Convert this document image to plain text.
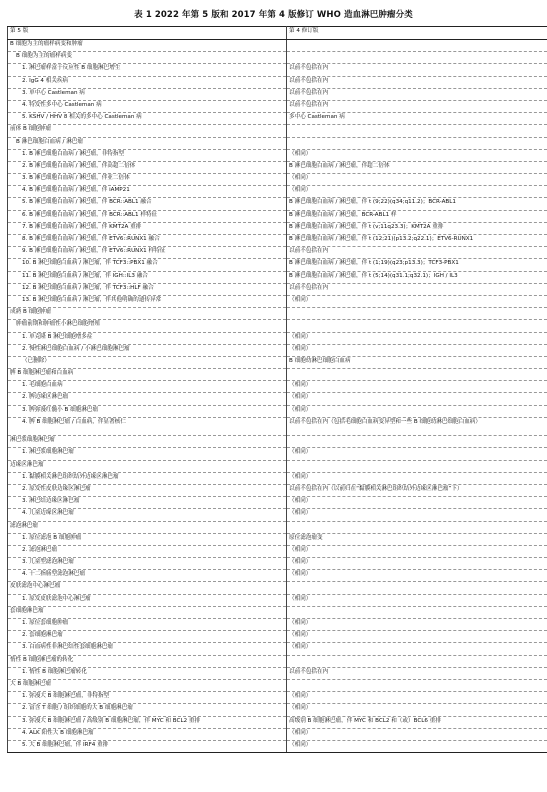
表 1 2022 年第 5 版和 2017 年第 4 版修订 WHO 造血淋巴肿瘤分类
第 5 版	第 4 修订版
B 细胞为主的瘤样病变和肿瘤	
B 细胞为主的瘤样病变	
1. 淋巴瘤样富于反应性 B 细胞淋巴增生	以前不包括在内
2. IgG 4 相关疾病	以前不包括在内
3. 单中心 Castleman 病	以前不包括在内
4. 特发性多中心 Castleman 病	以前不包括在内
5. KSHV / HHV 8 相关的多中心 Castleman 病	多中心 Castleman 病
前体 B 细胞肿瘤	
B 淋巴细胞白血病 / 淋巴瘤	
1. B 淋巴细胞白血病 / 淋巴瘤，非特指型	（相同）
2. B 淋巴细胞白血病 / 淋巴瘤，伴高超二倍体	B 淋巴细胞白血病 / 淋巴瘤，伴超二倍体
3. B 淋巴细胞白血病 / 淋巴瘤，伴亚二倍体	（相同）
4. B 淋巴细胞白血病 / 淋巴瘤，伴 iAMP21	（相同）
5. B 淋巴细胞白血病 / 淋巴瘤，伴 BCR::ABL1 融合	B 淋巴细胞白血病 / 淋巴瘤，伴 t (9;22)(q34;q11.2)；BCR-ABL1
6. B 淋巴细胞白血病 / 淋巴瘤，伴 BCR::ABL1 样特征	B 淋巴细胞白血病 / 淋巴瘤，BCR-ABL1 样
7. B 淋巴细胞白血病 / 淋巴瘤，伴 KMT2A 重排	B 淋巴细胞白血病 / 淋巴瘤，伴 t (v;11q23.3)；KMT2A 重排
8. B 淋巴细胞白血病 / 淋巴瘤，伴 ETV6::RUNX1 融合	B 淋巴细胞白血病 / 淋巴瘤，伴 t (12;21)(p13.2;q22.1)；ETV6-RUNX1
9. B 淋巴细胞白血病 / 淋巴瘤，伴 ETV6::RUNX1 样特征	以前不包括在内
10. B 淋巴细胞白血病 / 淋巴瘤，伴 TCF3::PBX1 融合	B 淋巴细胞白血病 / 淋巴瘤，伴 t (1;19)(q23;p13.3)；TCF3-PBX1
11. B 淋巴细胞白血病 / 淋巴瘤，伴 IGH::IL3 融合	B 淋巴细胞白血病 / 淋巴瘤，伴 t (5;14)(q31.1;q32.1)；IGH / IL3
12. B 淋巴细胞白血病 / 淋巴瘤，伴 TCF3::HLF 融合	以前不包括在内
13. B 淋巴细胞白血病 / 淋巴瘤，伴其他明确的遗传异常	（相同）
成熟 B 细胞肿瘤	
肿瘤前期和肿瘤性小淋巴细胞增殖	
1. 单克隆 B 淋巴细胞增多症	（相同）
2. 慢性淋巴细胞白血病 / 小淋巴细胞淋巴瘤	（相同）
（已删除）	B 细胞幼淋巴细胞白血病
脾 B 细胞淋巴瘤和白血病	
1. 毛细胞白血病	（相同）
2. 脾边缘区淋巴瘤	（相同）
3. 脾弥漫红髓小 B 细胞淋巴瘤	（相同）
4. 脾 B 细胞淋巴瘤 / 白血病，伴显著核仁	以前不包括在内（包括毛细胞白血病变异型和一些 B 细胞幼淋巴细胞白血病）
淋巴浆细胞淋巴瘤	
1. 淋巴浆细胞淋巴瘤	（相同）
边缘区淋巴瘤	
1. 黏膜相关淋巴组织结外边缘区淋巴瘤	（相同）
2. 原发性皮肤边缘区淋巴瘤	以前不包括在内（以前归在“黏膜相关淋巴组织结外边缘区淋巴瘤”下）
3. 淋巴结边缘区淋巴瘤	（相同）
4. 儿童边缘区淋巴瘤	（相同）
滤泡淋巴瘤	
1. 原位滤泡 B 细胞肿瘤	原位滤泡瘤变
2. 滤泡淋巴瘤	（相同）
3. 儿童型滤泡淋巴瘤	（相同）
4. 十二指肠型滤泡淋巴瘤	（相同）
皮肤滤泡中心淋巴瘤	
1. 原发皮肤滤泡中心淋巴瘤	（相同）
套细胞淋巴瘤	
1. 原位套细胞肿瘤	（相同）
2. 套细胞淋巴瘤	（相同）
3. 白血病性非淋巴结性套细胞淋巴瘤	（相同）
惰性 B 细胞淋巴瘤的转化	
1. 惰性 B 细胞淋巴瘤转化	以前不包括在内
大 B 细胞淋巴瘤	
1. 弥漫大 B 细胞淋巴瘤，非特指型	（相同）
2. 富含 T 细胞 / 组织细胞的大 B 细胞淋巴瘤	（相同）
3. 弥漫大 B 细胞淋巴瘤 / 高级别 B 细胞淋巴瘤，伴 MYC 和 BCL2 重排	高级别 B 细胞淋巴瘤，伴 MYC 和 BCL2 和（或）BCL6 重排
4. ALK 阳性大 B 细胞淋巴瘤	（相同）
5. 大 B 细胞淋巴瘤，伴 IRF4 重排	（相同）
